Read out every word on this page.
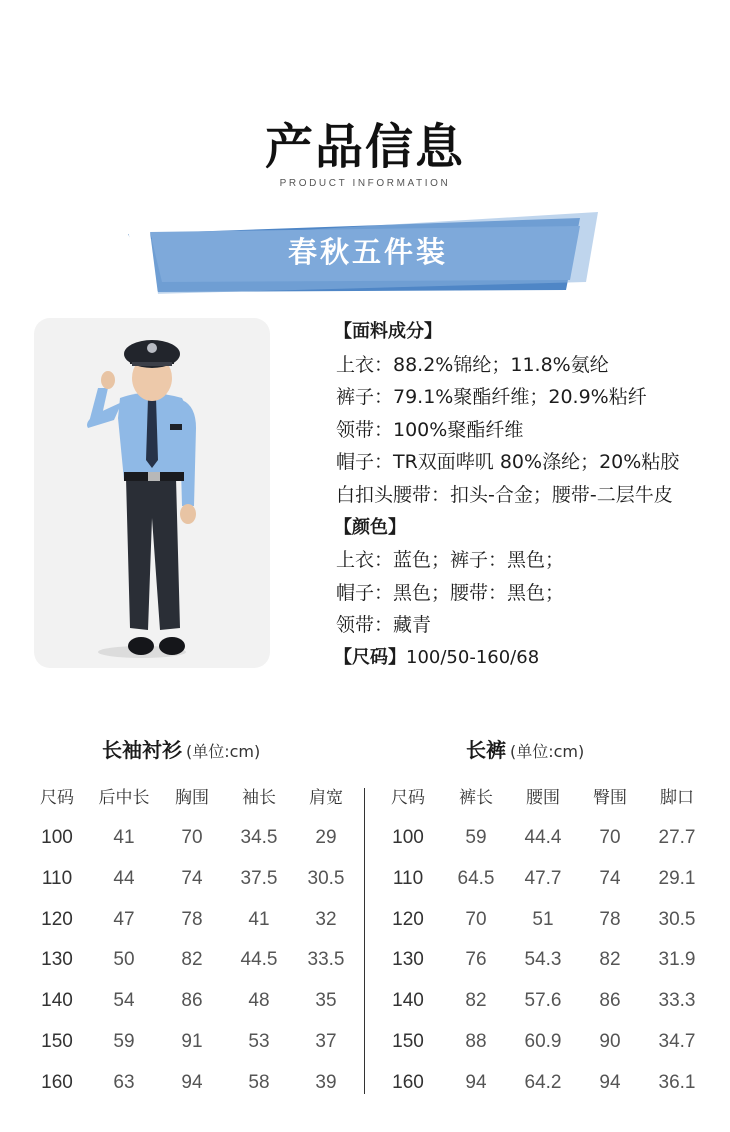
产品信息
PRODUCT INFORMATION
春秋五件装
【面料成分】
上衣：88.2%锦纶；11.8%氨纶
裤子：79.1%聚酯纤维；20.9%粘纤
领带：100%聚酯纤维
帽子：TR双面哔叽 80%涤纶；20%粘胶
白扣头腰带：扣头-合金；腰带-二层牛皮
【颜色】
上衣：蓝色；裤子：黑色；
帽子：黑色；腰带：黑色；
领带：藏青
【尺码】100/50-160/68
长袖衬衫 (单位:cm)	长裤 (单位:cm)
尺码	后中长	胸围	袖长	肩宽
100	41	70	34.5	29
110	44	74	37.5	30.5
120	47	78	41	32
130	50	82	44.5	33.5
140	54	86	48	35
150	59	91	53	37
160	63	94	58	39
尺码	裤长	腰围	臀围	脚口
100	59	44.4	70	27.7
110	64.5	47.7	74	29.1
120	70	51	78	30.5
130	76	54.3	82	31.9
140	82	57.6	86	33.3
150	88	60.9	90	34.7
160	94	64.2	94	36.1
